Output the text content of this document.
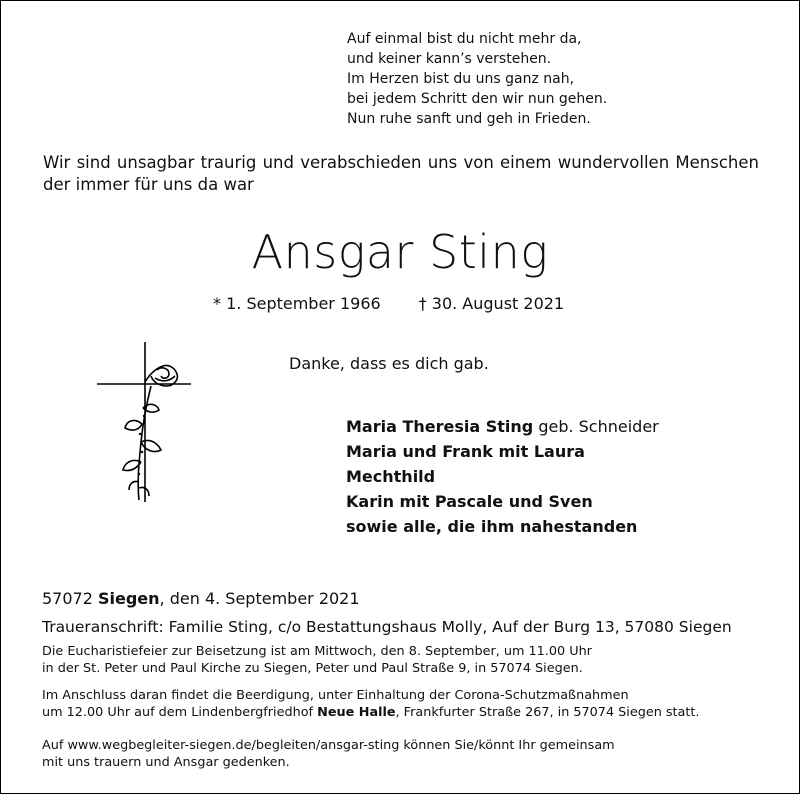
Auf einmal bist du nicht mehr da,
und keiner kann’s verstehen.
Im Herzen bist du uns ganz nah,
bei jedem Schritt den wir nun gehen.
Nun ruhe sanft und geh in Frieden.
Wir sind unsagbar traurig und verabschieden uns von einem wundervollen Menschen der immer für uns da war
Ansgar Sting
* 1. September 1966 † 30. August 2021
Danke, dass es dich gab.
Maria Theresia Sting geb. Schneider
Maria und Frank mit Laura
Mechthild
Karin mit Pascale und Sven
sowie alle, die ihm nahestanden
57072 Siegen, den 4. September 2021
Traueranschrift: Familie Sting, c/o Bestattungshaus Molly, Auf der Burg 13, 57080 Siegen
Die Eucharistiefeier zur Beisetzung ist am Mittwoch, den 8. September, um 11.00 Uhr
in der St. Peter und Paul Kirche zu Siegen, Peter und Paul Straße 9, in 57074 Siegen.
Im Anschluss daran findet die Beerdigung, unter Einhaltung der Corona-Schutzmaßnahmen
um 12.00 Uhr auf dem Lindenbergfriedhof Neue Halle, Frankfurter Straße 267, in 57074 Siegen statt.
Auf www.wegbegleiter-siegen.de/begleiten/ansgar-sting können Sie/könnt Ihr gemeinsam
mit uns trauern und Ansgar gedenken.
